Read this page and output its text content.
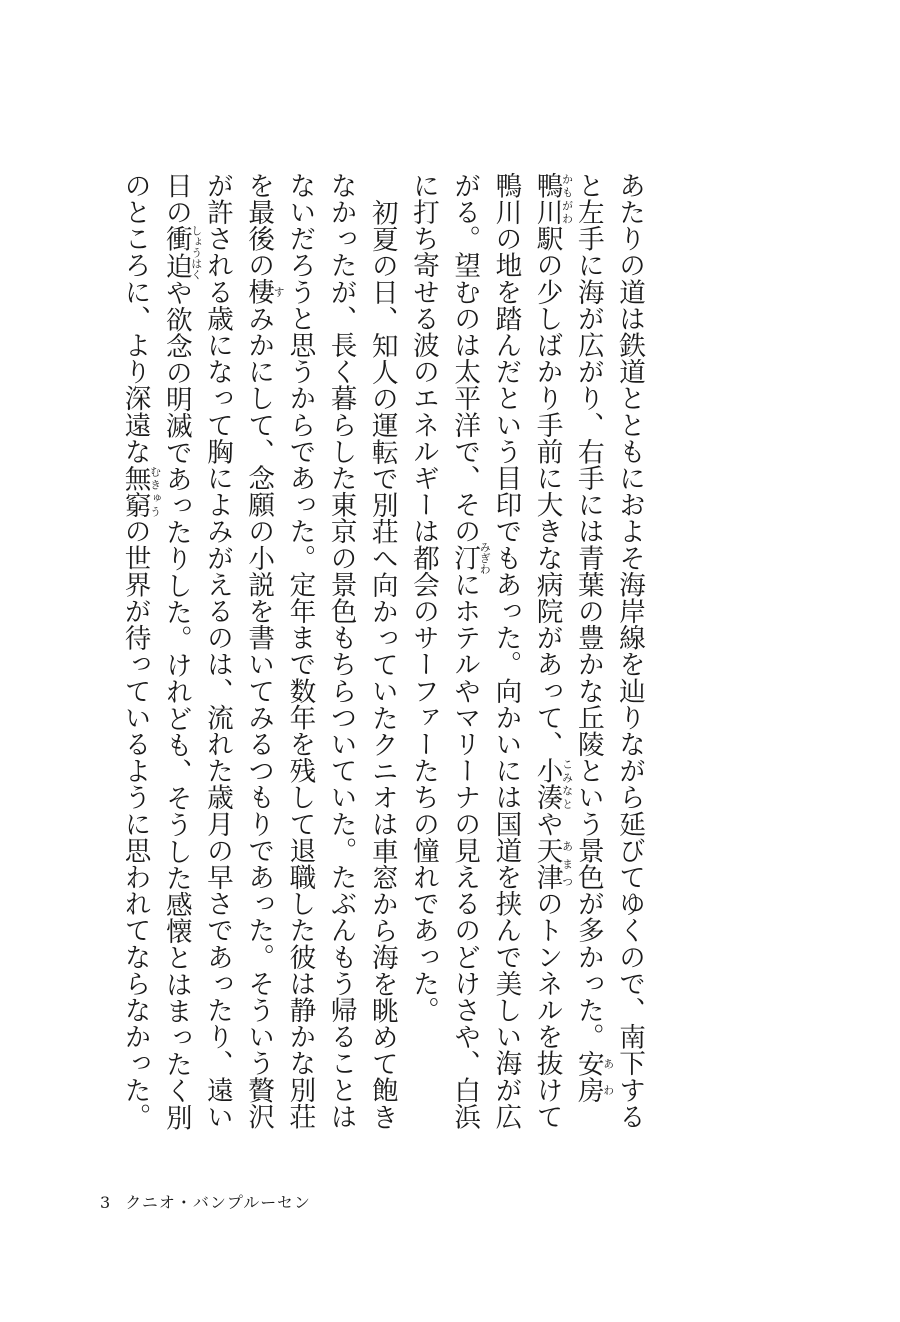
あたりの道は鉄道とともにおよそ海岸線を辿りながら延びてゆくので、南下すると左手に海が広がり、右手には青葉の豊かな丘陵という景色が多かった。安房あわ鴨川かもがわ駅の少しばかり手前に大きな病院があって、小湊こみなとや天津あまつのトンネルを抜けて鴨川の地を踏んだという目印でもあった。向かいには国道を挟んで美しい海が広がる。望むのは太平洋で、その汀みぎわにホテルやマリーナの見えるのどけさや、白浜に打ち寄せる波のエネルギーは都会のサーファーたちの憧れであった。

初夏の日、知人の運転で別荘へ向かっていたクニオは車窓から海を眺めて飽きなかったが、長く暮らした東京の景色もちらついていた。たぶんもう帰ることはないだろうと思うからであった。定年まで数年を残して退職した彼は静かな別荘を最後の棲すみかにして、念願の小説を書いてみるつもりであった。そういう贅沢が許される歳になって胸によみがえるのは、流れた歳月の早さであったり、遠い日の衝迫しょうはくや欲念の明滅であったりした。けれども、そうした感懐とはまったく別のところに、より深遠な無窮むきゅうの世界が待っているように思われてならなかった。

3 クニオ・バンプルーセン
